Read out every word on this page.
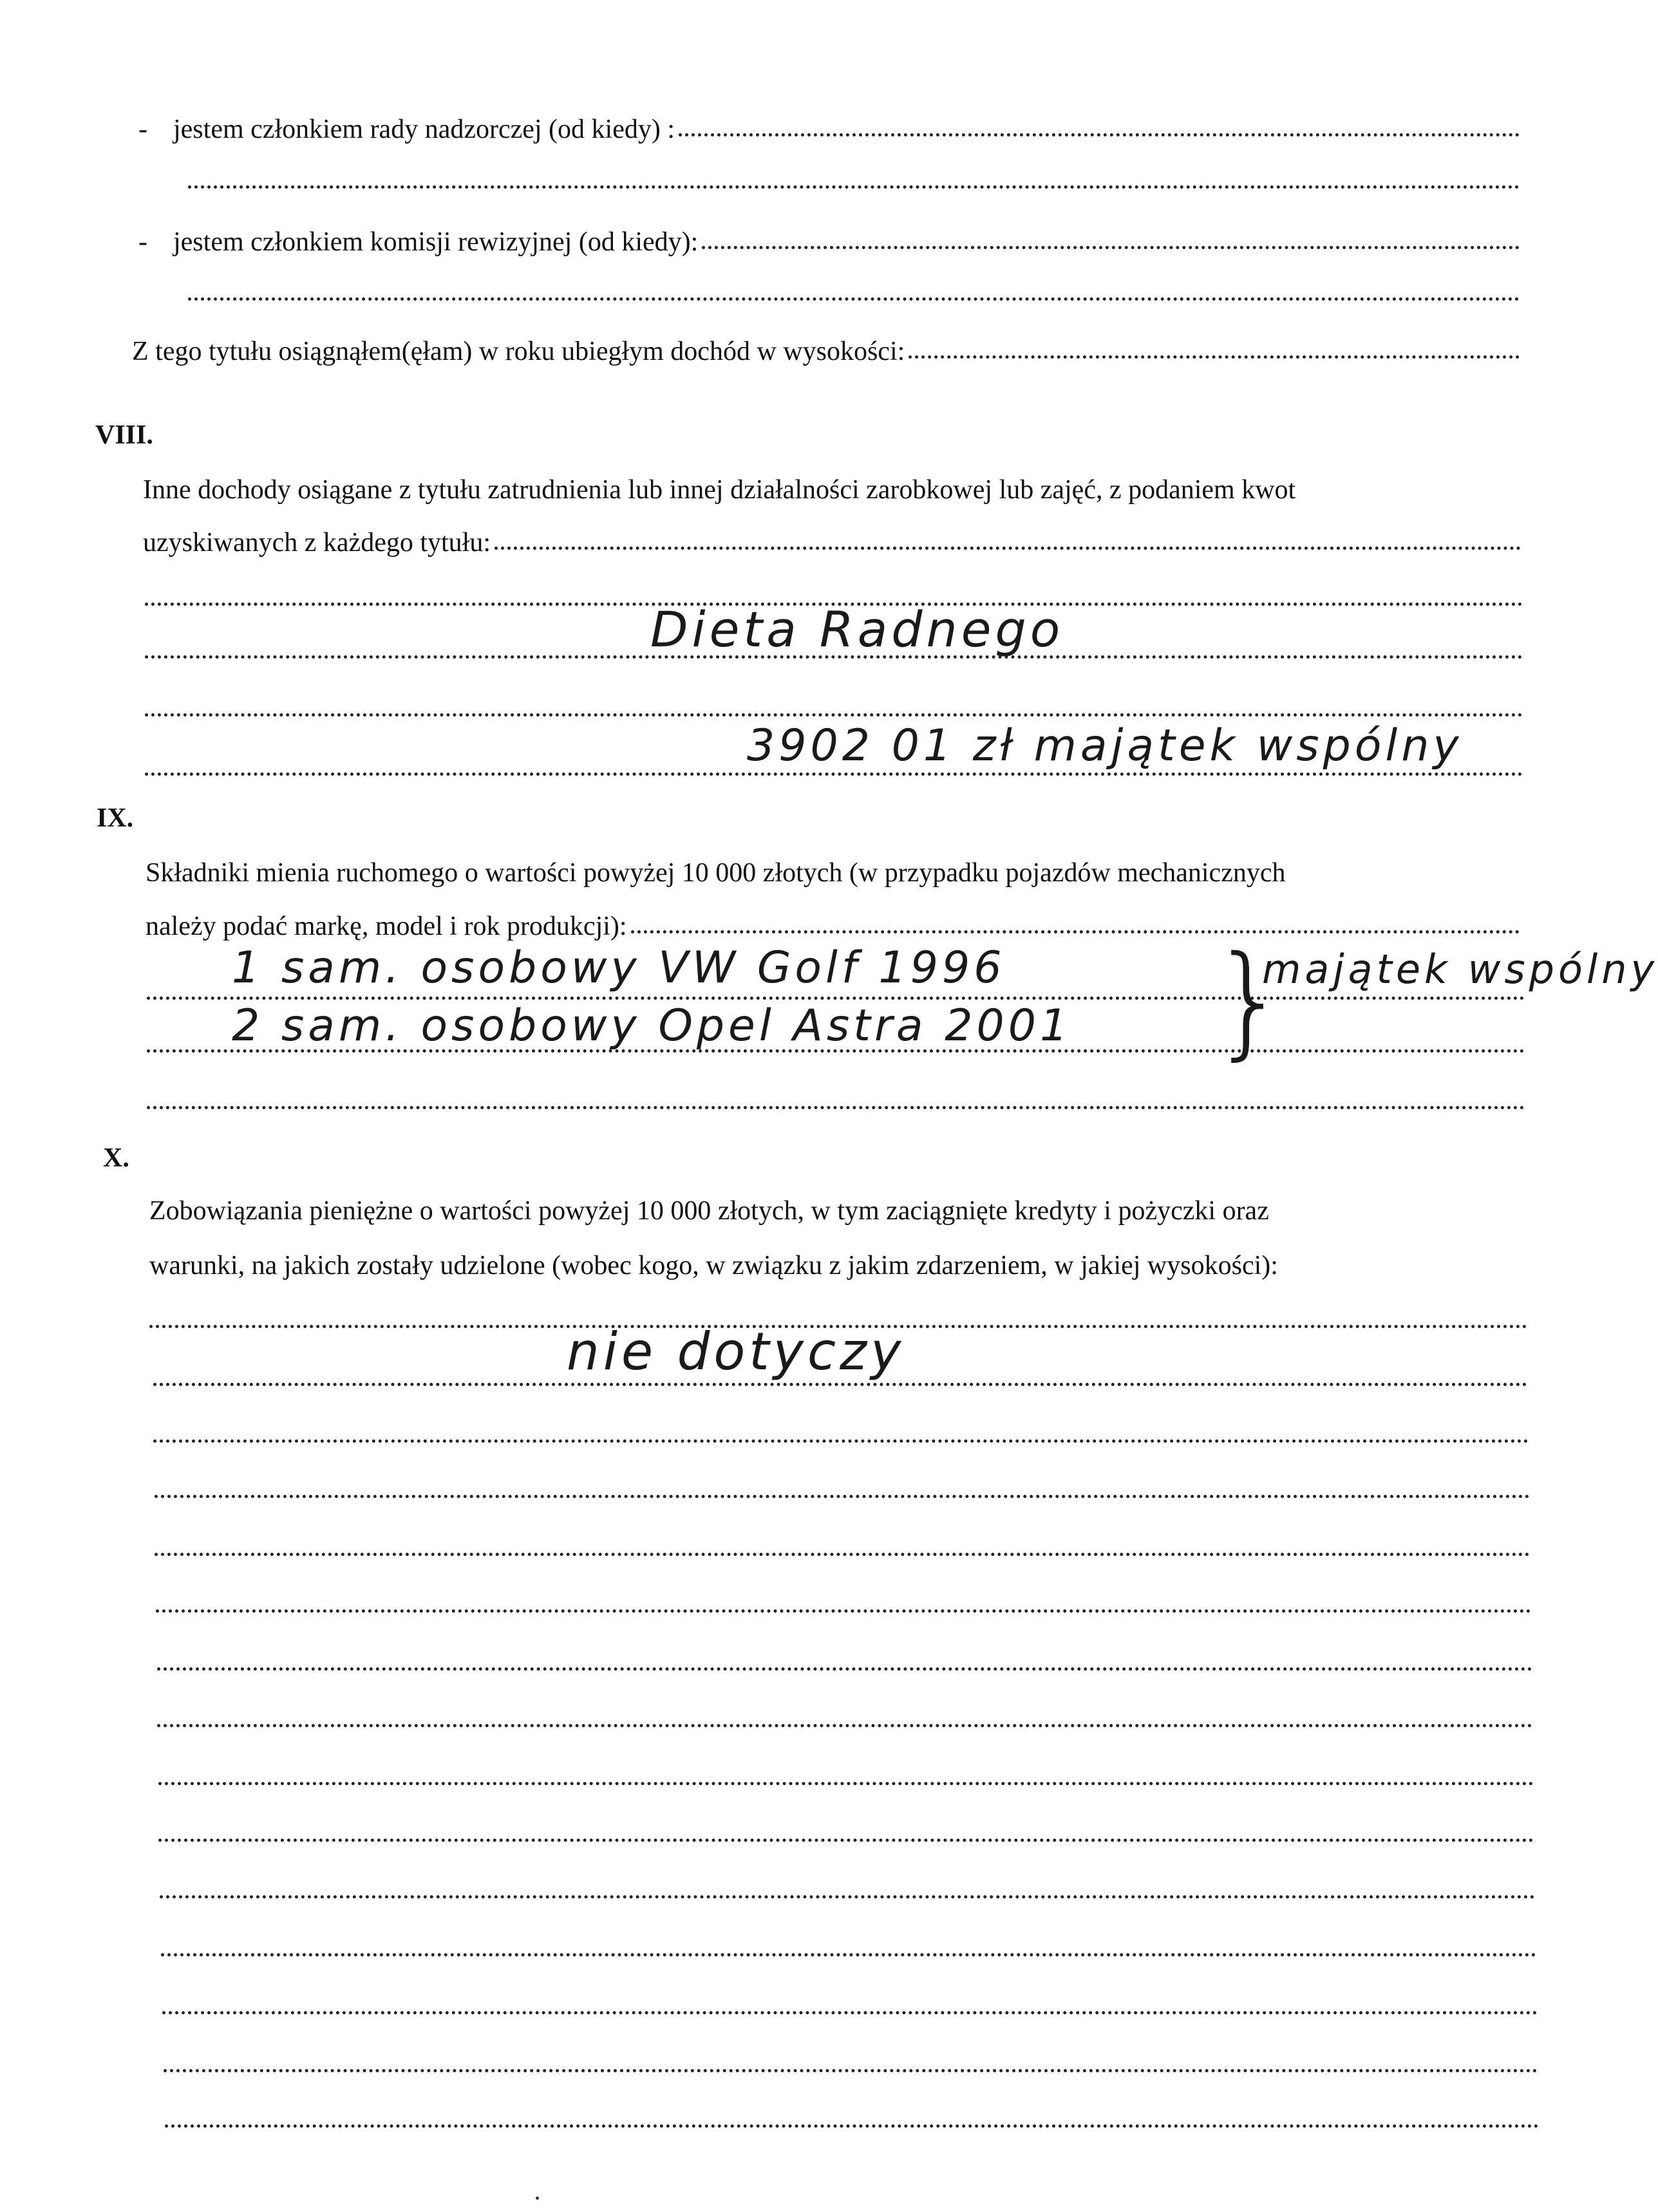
- jestem członkiem rady nadzorczej (od kiedy) :
- jestem członkiem komisji rewizyjnej (od kiedy):
Z tego tytułu osiągnąłem(ęłam) w roku ubiegłym dochód w wysokości:
VIII.
Inne dochody osiągane z tytułu zatrudnienia lub innej działalności zarobkowej lub zajęć, z podaniem kwot
uzyskiwanych z każdego tytułu:
Dieta Radnego
3902 01 zł majątek wspólny
IX.
Składniki mienia ruchomego o wartości powyżej 10 000 złotych (w przypadku pojazdów mechanicznych
należy podać markę, model i rok produkcji):
1 sam. osobowy VW Golf 1996
2 sam. osobowy Opel Astra 2001 }
majątek wspólny
X.
Zobowiązania pieniężne o wartości powyżej 10 000 złotych, w tym zaciągnięte kredyty i pożyczki oraz
warunki, na jakich zostały udzielone (wobec kogo, w związku z jakim zdarzeniem, w jakiej wysokości):
nie dotyczy
